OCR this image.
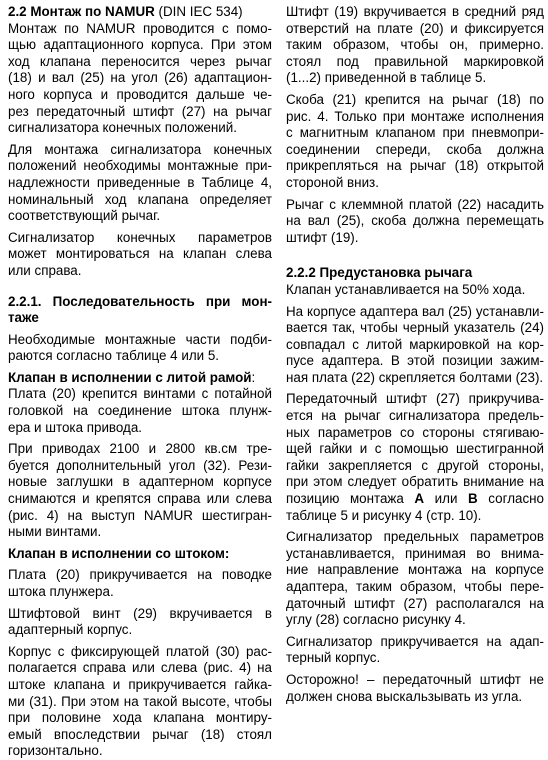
2.2 Монтаж по NAMUR (DIN IEC 534)

Монтаж по NAMUR проводится с помо-
щью адаптационного корпуса. При этом
ход клапана переносится через рычаг
(18) и вал (25) на угол (26) адаптацион-
ного корпуса и проводится дальше че-
рез передаточный штифт (27) на рычаг
сигнализатора конечных положений.

Для монтажа сигнализатора конечных
положений необходимы монтажные при-
надлежности приведенные в Таблице 4,
номинальный ход клапана определяет
соответствующий рычаг.

Сигнализатор конечных параметров
может монтироваться на клапан слева
или справа.

2.2.1. Последовательность при мон-
таже

Необходимые монтажные части подби-
раются согласно таблице 4 или 5.

Клапан в исполнении с литой рамой:

Плата (20) крепится винтами с потайной
головкой на соединение штока плунж-
ера и штока привода.

При приводах 2100 и 2800 кв.см тре-
буется дополнительный угол (32). Рези-
новые заглушки в адаптерном корпусе
снимаются и крепятся справа или слева
(рис. 4) на выступ NAMUR шестигран-
ными винтами.

Клапан в исполнении со штоком:

Плата (20) прикручивается на поводке
штока плунжера.

Штифтовой винт (29) вкручивается в
адаптерный корпус.

Корпус с фиксирующей платой (30) рас-
полагается справа или слева (рис. 4) на
штоке клапана и прикручивается гайка-
ми (31). При этом на такой высоте, чтобы
при половине хода клапана монтиру-
емый впоследствии рычаг (18) стоял
горизонтально.

Штифт (19) вкручивается в средний ряд
отверстий на плате (20) и фиксируется
таким образом, чтобы он, примерно.
стоял под правильной маркировкой
(1...2) приведенной в таблице 5.

Скоба (21) крепится на рычаг (18) по
рис. 4. Только при монтаже исполнения
с магнитным клапаном при пневмопри-
соединении спереди, скоба должна
прикрепляться на рычаг (18) открытой
стороной вниз.

Рычаг с клеммной платой (22) насадить
на вал (25), скоба должна перемещать
штифт (19).

2.2.2 Предустановка рычага

Клапан устанавливается на 50% хода.

На корпусе адаптера вал (25) устанавли-
вается так, чтобы черный указатель (24)
совпадал с литой маркировкой на кор-
пусе адаптера. В этой позиции зажим-
ная плата (22) скрепляется болтами (23).

Передаточный штифт (27) прикручива-
ется на рычаг сигнализатора предель-
ных параметров со стороны стягиваю-
щей гайки и с помощью шестигранной
гайки закрепляется с другой стороны,
при этом следует обратить внимание на
позицию монтажа A или B согласно
таблице 5 и рисунку 4 (стр. 10).

Сигнализатор предельных параметров
устанавливается, принимая во внима-
ние направление монтажа на корпусе
адаптера, таким образом, чтобы пере-
даточный штифт (27) располагался на
углу (28) согласно рисунку 4.

Сигнализатор прикручивается на адап-
терный корпус.

Осторожно! – передаточный штифт не
должен снова выскальзывать из угла.
